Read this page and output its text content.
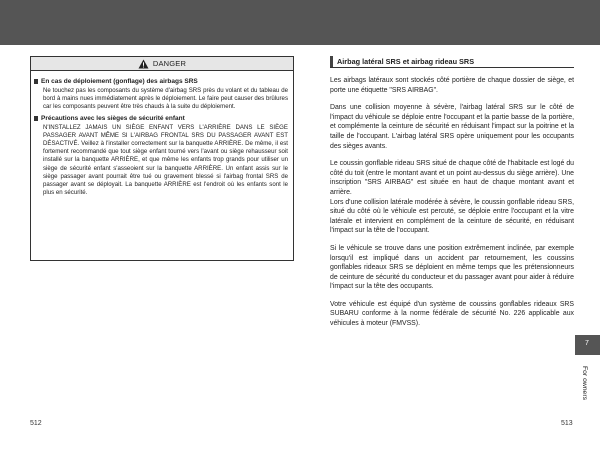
DANGER
En cas de déploiement (gonflage) des airbags SRS

Ne touchez pas les composants du système d'airbag SRS près du volant et du tableau de bord à mains nues immédiatement après le déploiement. Le faire peut causer des brûlures car les composants peuvent être très chauds à la suite du déploiement.

Précautions avec les sièges de sécurité enfant

N'INSTALLEZ JAMAIS UN SIÈGE ENFANT VERS L'ARRIÈRE DANS LE SIÈGE PASSAGER AVANT MÊME SI L'AIRBAG FRONTAL SRS DU PASSAGER AVANT EST DÉSACTIVÉ. Veillez à l'installer correctement sur la banquette ARRIÈRE. De même, il est fortement recommandé que tout siège enfant tourné vers l'avant ou siège rehausseur soit installé sur la banquette ARRIÈRE, et que même les enfants trop grands pour utiliser un siège de sécurité enfant s'asseoient sur la banquette ARRIÈRE. Un enfant assis sur le siège passager avant pourrait être tué ou gravement blessé si l'airbag frontal SRS de passager avant se déployait. La banquette ARRIÈRE est l'endroit où les enfants sont le plus en sécurité.

512
Airbag latéral SRS et airbag rideau SRS

Les airbags latéraux sont stockés côté portière de chaque dossier de siège, et porte une étiquette "SRS AIRBAG".

Dans une collision moyenne à sévère, l'airbag latéral SRS sur le côté de l'impact du véhicule se déploie entre l'occupant et la partie basse de la portière, et complémente la ceinture de sécurité en réduisant l'impact sur la poitrine et la taille de l'occupant. L'airbag latéral SRS opère uniquement pour les occupants des sièges avants.

Le coussin gonflable rideau SRS situé de chaque côté de l'habitacle est logé du côté du toit (entre le montant avant et un point au-dessus du siège arrière). Une inscription "SRS AIRBAG" est située en haut de chaque montant avant et arrière.

Lors d'une collision latérale modérée à sévère, le coussin gonflable rideau SRS, situé du côté où le véhicule est percuté, se déploie entre l'occupant et la vitre latérale et intervient en complément de la ceinture de sécurité, en réduisant l'impact sur la tête de l'occupant.

Si le véhicule se trouve dans une position extrêmement inclinée, par exemple lorsqu'il est impliqué dans un accident par retournement, les coussins gonflables rideaux SRS se déploient en même temps que les prétensionneurs de ceinture de sécurité du conducteur et du passager avant pour aider à réduire l'impact sur la tête des occupants.

Votre véhicule est équipé d'un système de coussins gonflables rideaux SRS SUBARU conforme à la norme fédérale de sécurité No. 226 applicable aux véhicules à moteur (FMVSS).

7
For owners
513
